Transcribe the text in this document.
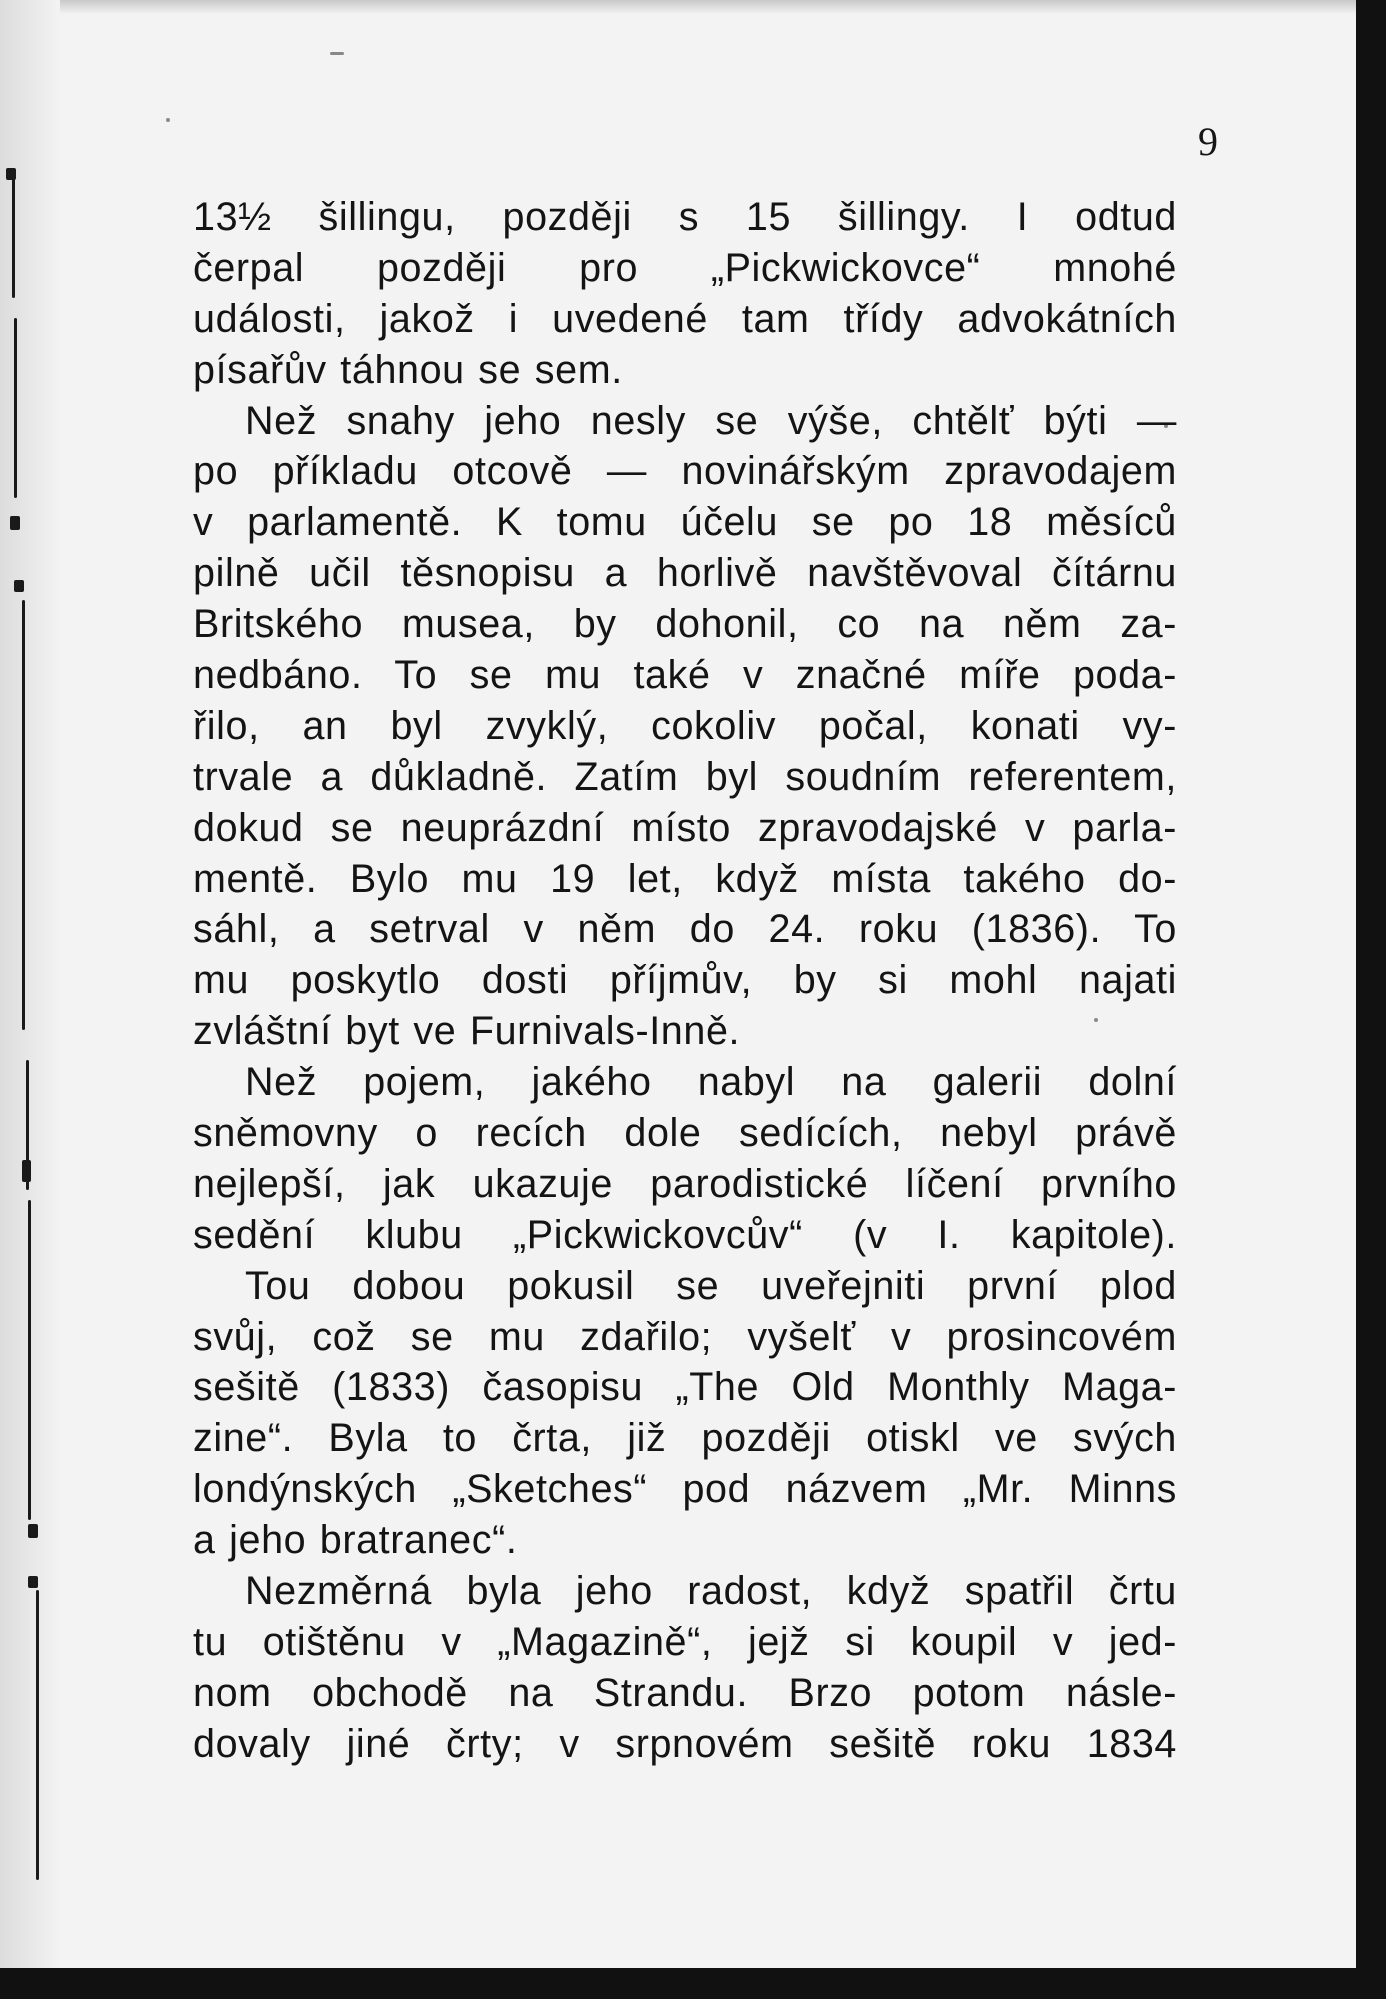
9
13½ šillingu, později s 15 šillingy. I odtud
čerpal později pro „Pickwickovce“ mnohé
události, jakož i uvedené tam třídy advokátních
písařův táhnou se sem.
Než snahy jeho nesly se výše, chtělť býti —
po příkladu otcově — novinářským zpravodajem
v parlamentě. K tomu účelu se po 18 měsíců
pilně učil těsnopisu a horlivě navštěvoval čítárnu
Britského musea, by dohonil, co na něm za-
nedbáno. To se mu také v značné míře poda-
řilo, an byl zvyklý, cokoliv počal, konati vy-
trvale a důkladně. Zatím byl soudním referentem,
dokud se neuprázdní místo zpravodajské v parla-
mentě. Bylo mu 19 let, když místa takého do-
sáhl, a setrval v něm do 24. roku (1836). To
mu poskytlo dosti příjmův, by si mohl najati
zvláštní byt ve Furnivals-Inně.
Než pojem, jakého nabyl na galerii dolní
sněmovny o recích dole sedících, nebyl právě
nejlepší, jak ukazuje parodistické líčení prvního
sedění klubu „Pickwickovcův“ (v I. kapitole).
Tou dobou pokusil se uveřejniti první plod
svůj, což se mu zdařilo; vyšelť v prosincovém
sešitě (1833) časopisu „The Old Monthly Maga-
zine“. Byla to črta, již později otiskl ve svých
londýnských „Sketches“ pod názvem „Mr. Minns
a jeho bratranec“.
Nezměrná byla jeho radost, když spatřil črtu
tu otištěnu v „Magazině“, jejž si koupil v jed-
nom obchodě na Strandu. Brzo potom násle-
dovaly jiné črty; v srpnovém sešitě roku 1834
